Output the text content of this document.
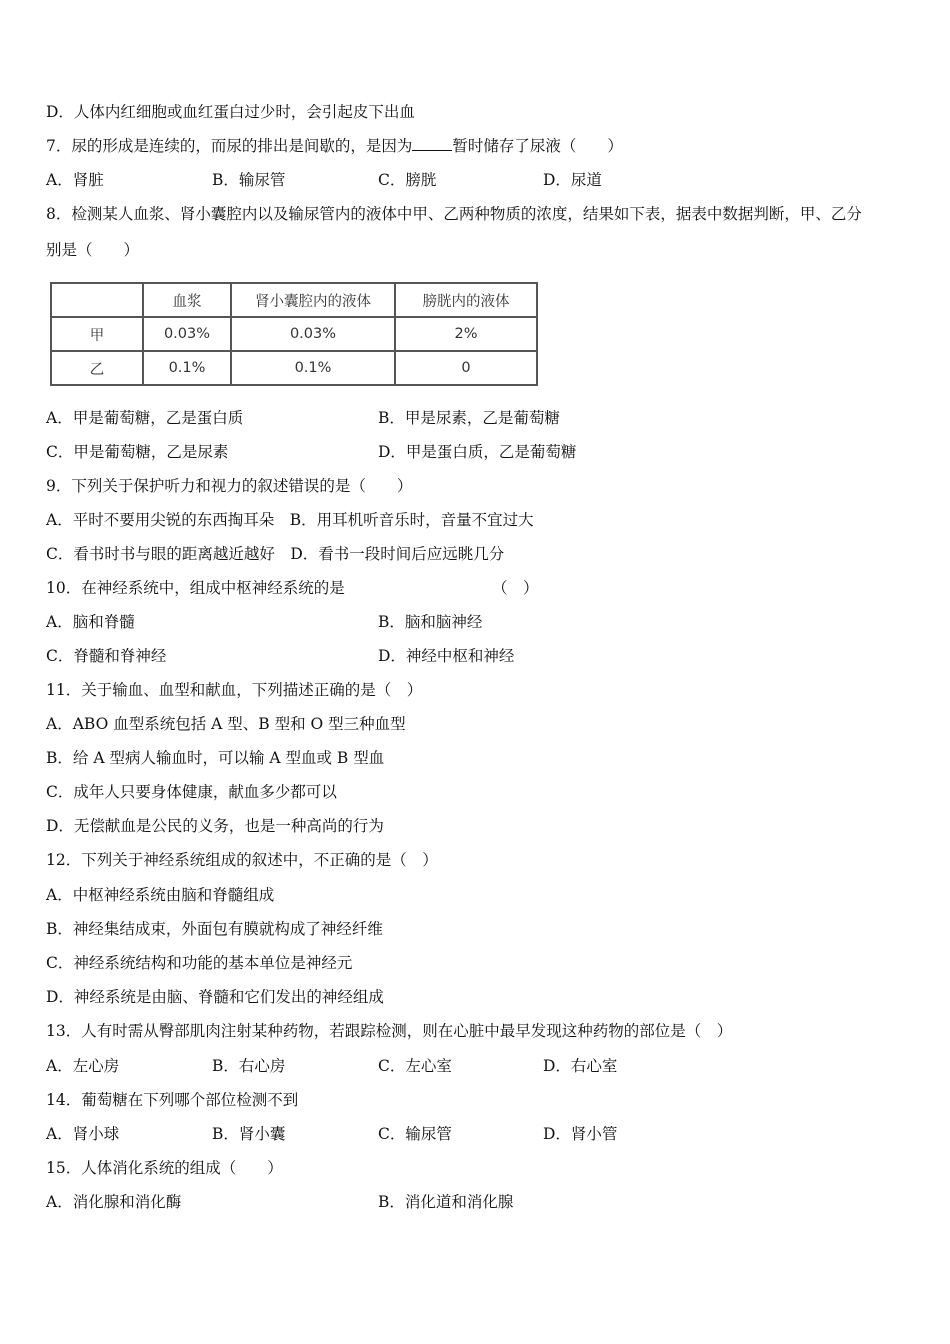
D．人体内红细胞或血红蛋白过少时，会引起皮下出血
7．尿的形成是连续的，而尿的排出是间歇的，是因为	暂时储存了尿液（　　）
A．肾脏	B．输尿管	C．膀胱	D．尿道
8．检测某人血浆、肾小囊腔内以及输尿管内的液体中甲、乙两种物质的浓度，结果如下表，据表中数据判断，甲、乙分
别是（　　）
	血浆	肾小囊腔内的液体	膀胱内的液体
甲	0.03%	0.03%	2%
乙	0.1%	0.1%	0
A．甲是葡萄糖，乙是蛋白质	B．甲是尿素，乙是葡萄糖
C．甲是葡萄糖，乙是尿素	D．甲是蛋白质，乙是葡萄糖
9．下列关于保护听力和视力的叙述错误的是（　　）
A．平时不要用尖锐的东西掏耳朵　B．用耳机听音乐时，音量不宜过大
C．看书时书与眼的距离越近越好　D．看书一段时间后应远眺几分
10．在神经系统中，组成中枢神经系统的是	（　）
A．脑和脊髓	B．脑和脑神经
C．脊髓和脊神经	D．神经中枢和神经
11．关于输血、血型和献血，下列描述正确的是（　）
A．ABO 血型系统包括 A 型、B 型和 O 型三种血型
B．给 A 型病人输血时，可以输 A 型血或 B 型血
C．成年人只要身体健康，献血多少都可以
D．无偿献血是公民的义务，也是一种高尚的行为
12．下列关于神经系统组成的叙述中，不正确的是（　）
A．中枢神经系统由脑和脊髓组成
B．神经集结成束，外面包有膜就构成了神经纤维
C．神经系统结构和功能的基本单位是神经元
D．神经系统是由脑、脊髓和它们发出的神经组成
13．人有时需从臀部肌肉注射某种药物，若跟踪检测，则在心脏中最早发现这种药物的部位是（　）
A．左心房	B．右心房	C．左心室	D．右心室
14．葡萄糖在下列哪个部位检测不到
A．肾小球	B．肾小囊	C．输尿管	D．肾小管
15．人体消化系统的组成（　　）
A．消化腺和消化酶	B．消化道和消化腺
